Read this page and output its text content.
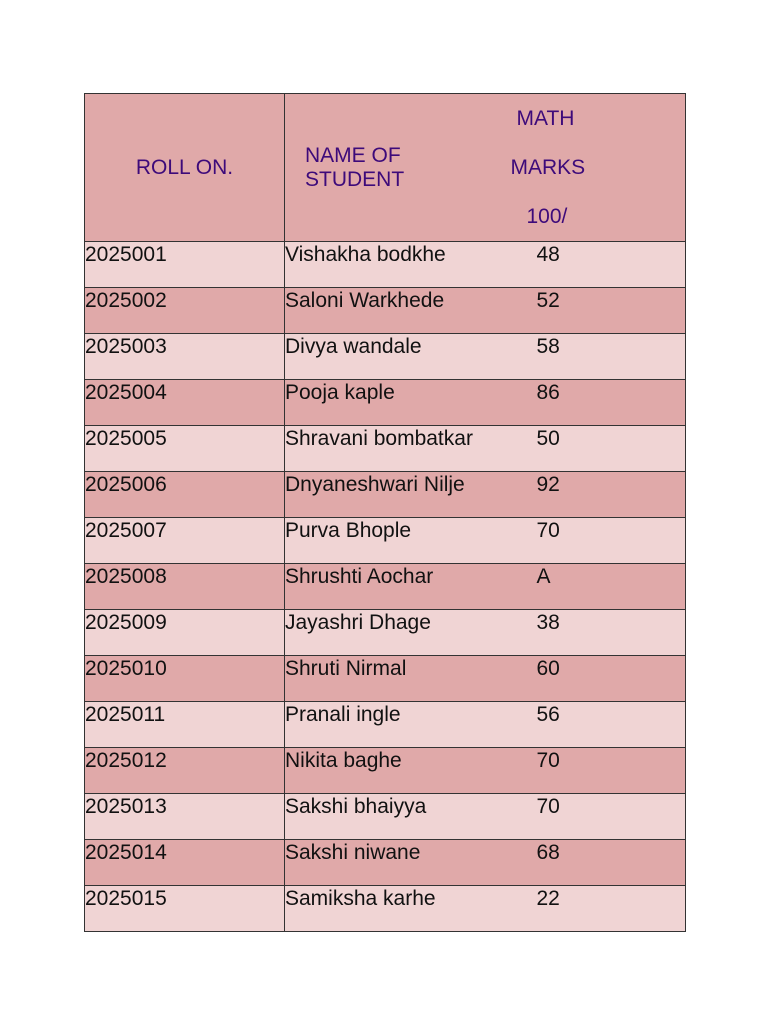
ROLL ON.	NAME OF STUDENT	MATH
MARKS
100/

2025001	Vishakha bodkhe	48
2025002	Saloni Warkhede	52
2025003	Divya wandale	58
2025004	Pooja kaple	86
2025005	Shravani bombatkar	50
2025006	Dnyaneshwari Nilje	92
2025007	Purva Bhople	70
2025008	Shrushti Aochar	A
2025009	Jayashri Dhage	38
2025010	Shruti Nirmal	60
2025011	Pranali ingle	56
2025012	Nikita baghe	70
2025013	Sakshi bhaiyya	70
2025014	Sakshi niwane	68
2025015	Samiksha karhe	22
